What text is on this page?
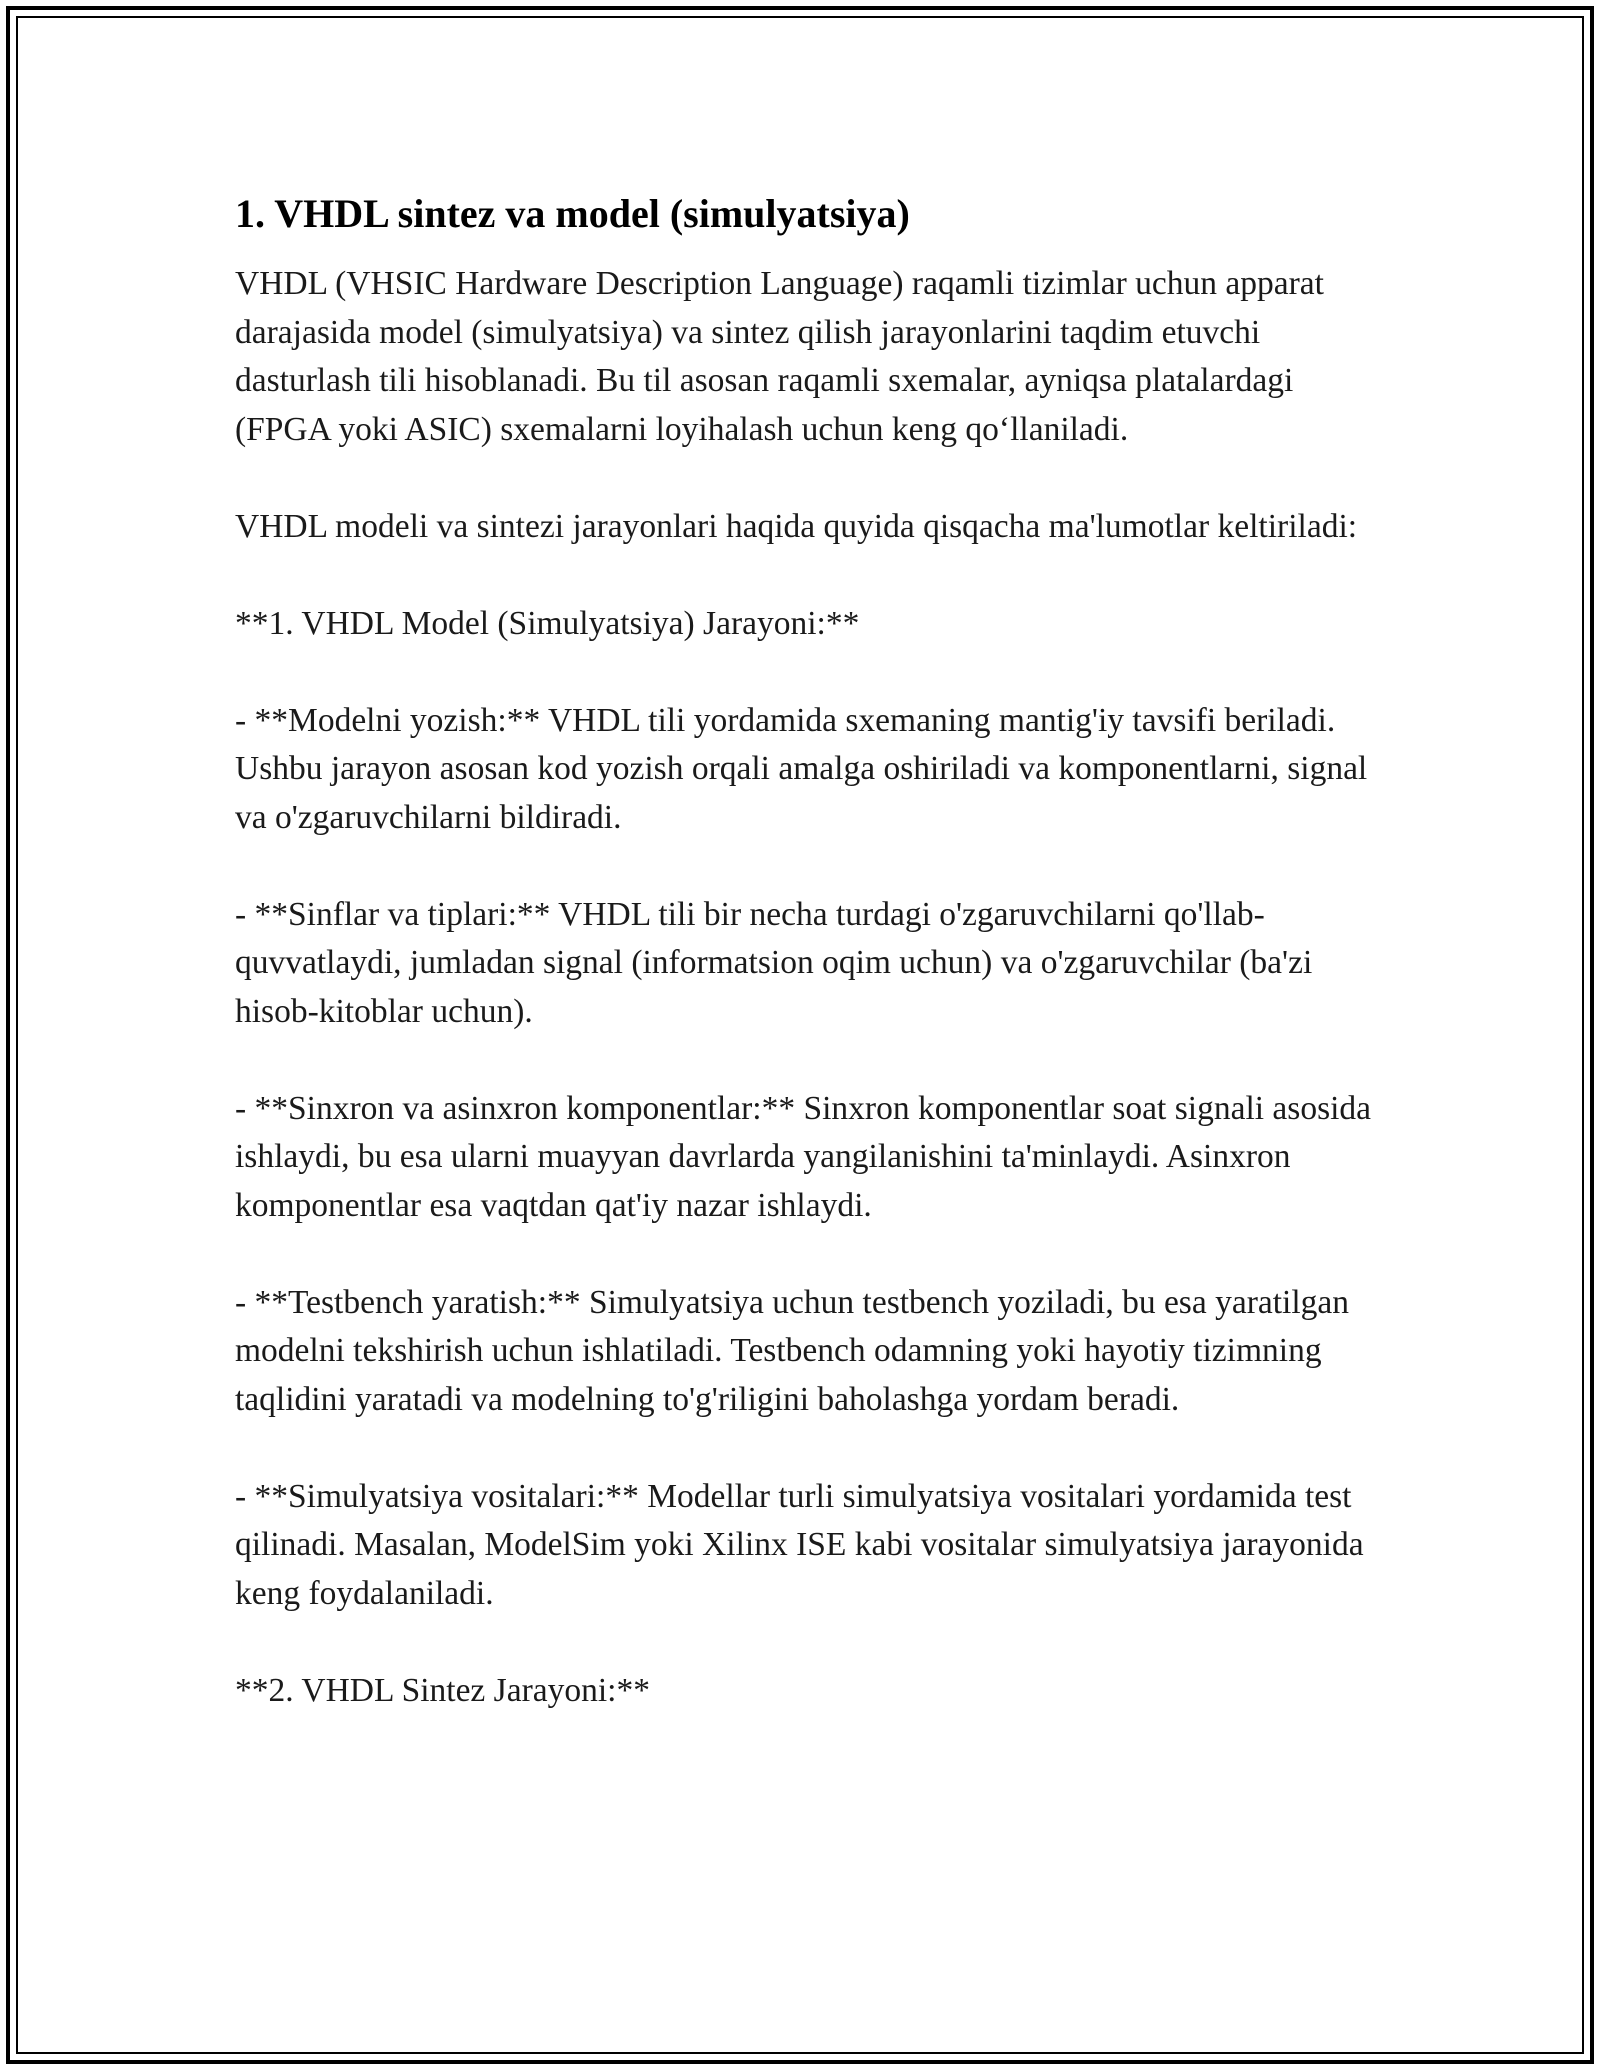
1. VHDL sintez va model (simulyatsiya)

VHDL (VHSIC Hardware Description Language) raqamli tizimlar uchun apparat darajasida model (simulyatsiya) va sintez qilish jarayonlarini taqdim etuvchi dasturlash tili hisoblanadi. Bu til asosan raqamli sxemalar, ayniqsa platalardagi (FPGA yoki ASIC) sxemalarni loyihalash uchun keng qo‘llaniladi.

VHDL modeli va sintezi jarayonlari haqida quyida qisqacha ma'lumotlar keltiriladi:

**1. VHDL Model (Simulyatsiya) Jarayoni:**

- **Modelni yozish:** VHDL tili yordamida sxemaning mantig'iy tavsifi beriladi. Ushbu jarayon asosan kod yozish orqali amalga oshiriladi va komponentlarni, signal va o'zgaruvchilarni bildiradi.

- **Sinflar va tiplari:** VHDL tili bir necha turdagi o'zgaruvchilarni qo'llab-quvvatlaydi, jumladan signal (informatsion oqim uchun) va o'zgaruvchilar (ba'zi hisob-kitoblar uchun).

- **Sinxron va asinxron komponentlar:** Sinxron komponentlar soat signali asosida ishlaydi, bu esa ularni muayyan davrlarda yangilanishini ta'minlaydi. Asinxron komponentlar esa vaqtdan qat'iy nazar ishlaydi.

- **Testbench yaratish:** Simulyatsiya uchun testbench yoziladi, bu esa yaratilgan modelni tekshirish uchun ishlatiladi. Testbench odamning yoki hayotiy tizimning taqlidini yaratadi va modelning to'g'riligini baholashga yordam beradi.

- **Simulyatsiya vositalari:** Modellar turli simulyatsiya vositalari yordamida test qilinadi. Masalan, ModelSim yoki Xilinx ISE kabi vositalar simulyatsiya jarayonida keng foydalaniladi.

**2. VHDL Sintez Jarayoni:**
